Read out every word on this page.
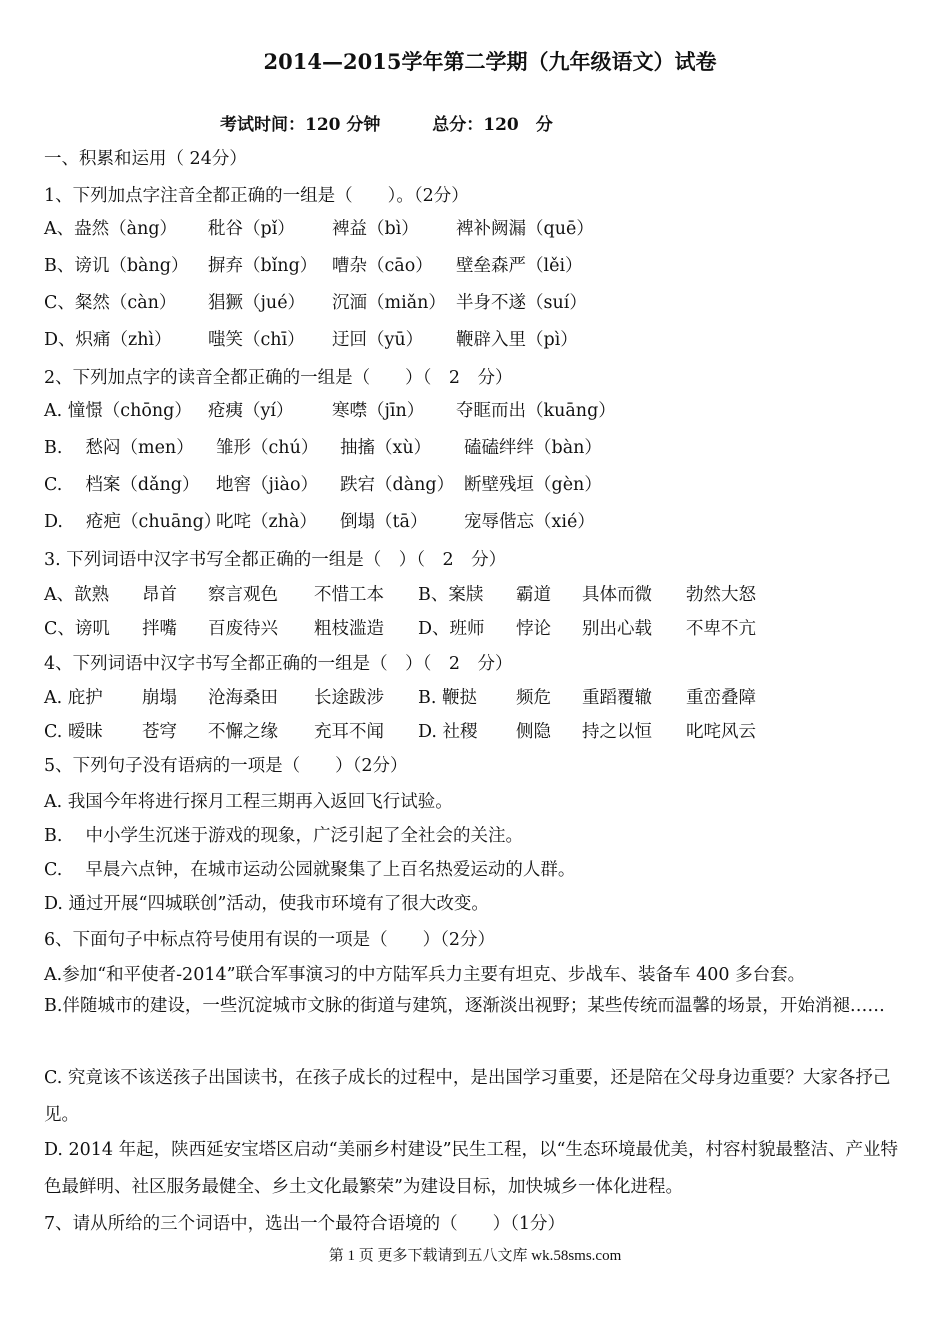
2014—2015学年第二学期（九年级语文）试卷
考试时间：120 分钟	总分：120　分
一、积累和运用（ 24分）
1、下列加点字注音全都正确的一组是（　　）。（2分）
A、盎然（àng） 秕谷（pǐ） 裨益（bì） 裨补阙漏（quē）
B、谤讥（bàng） 摒弃（bǐng） 嘈杂（cāo） 壁垒森严（lěi）
C、粲然（càn） 猖獗（jué） 沉湎（miǎn） 半身不遂（suí）
D、炽痛（zhì） 嗤笑（chī） 迂回（yū） 鞭辟入里（pì）
2、下列加点字的读音全都正确的一组是（　　）（　2　分）
A. 憧憬（chōng） 疮痍（yí） 寒噤（jīn） 夺眶而出（kuāng）
B.　 愁闷（men） 雏形（chú） 抽搐（xù） 磕磕绊绊（bàn）
C.　 档案（dǎng） 地窖（jiào） 跌宕（dàng） 断壁残垣（gèn）
D.　 疮疤（chuāng）
叱咤（zhà） 倒塌（tā） 宠辱偕忘（xié）
3. 下列词语中汉字书写全都正确的一组是（　）（　2　分）
A、歆熟 昂首 察言观色 不惜工本 B、案牍 霸道 具体而微 勃然大怒
C、谤叽 拌嘴 百废待兴 粗枝滥造 D、班师 悖论 别出心载 不卑不亢
4、下列词语中汉字书写全都正确的一组是（　）（　2　分）
A. 庇护 崩塌 沧海桑田 长途跋涉 B. 鞭挞 频危 重蹈覆辙 重峦叠障
C. 暧昧 苍穹 不懈之缘 充耳不闻 D. 社稷 侧隐 持之以恒 叱咤风云
5、下列句子没有语病的一项是（　　）（2分）
A. 我国今年将进行探月工程三期再入返回飞行试验。
B.　 中小学生沉迷于游戏的现象，广泛引起了全社会的关注。
C.　 早晨六点钟，在城市运动公园就聚集了上百名热爱运动的人群。
D. 通过开展“四城联创”活动，使我市环境有了很大改变。
6、下面句子中标点符号使用有误的一项是（　　）（2分）
A.参加“和平使者-2014”联合军事演习的中方陆军兵力主要有坦克、步战车、装备车 400 多台套。
B.伴随城市的建设，一些沉淀城市文脉的街道与建筑，逐渐淡出视野；某些传统而温馨的场景，开始消褪……
C. 究竟该不该送孩子出国读书，在孩子成长的过程中，是出国学习重要，还是陪在父母身边重要？大家各抒己见。
D. 2014 年起，陕西延安宝塔区启动“美丽乡村建设”民生工程，以“生态环境最优美，村容村貌最整洁、产业特色最鲜明、社区服务最健全、乡土文化最繁荣”为建设目标，加快城乡一体化进程。
7、请从所给的三个词语中，选出一个最符合语境的（　　）（1分）
第 1 页 更多下载请到五八文库 wk.58sms.com
